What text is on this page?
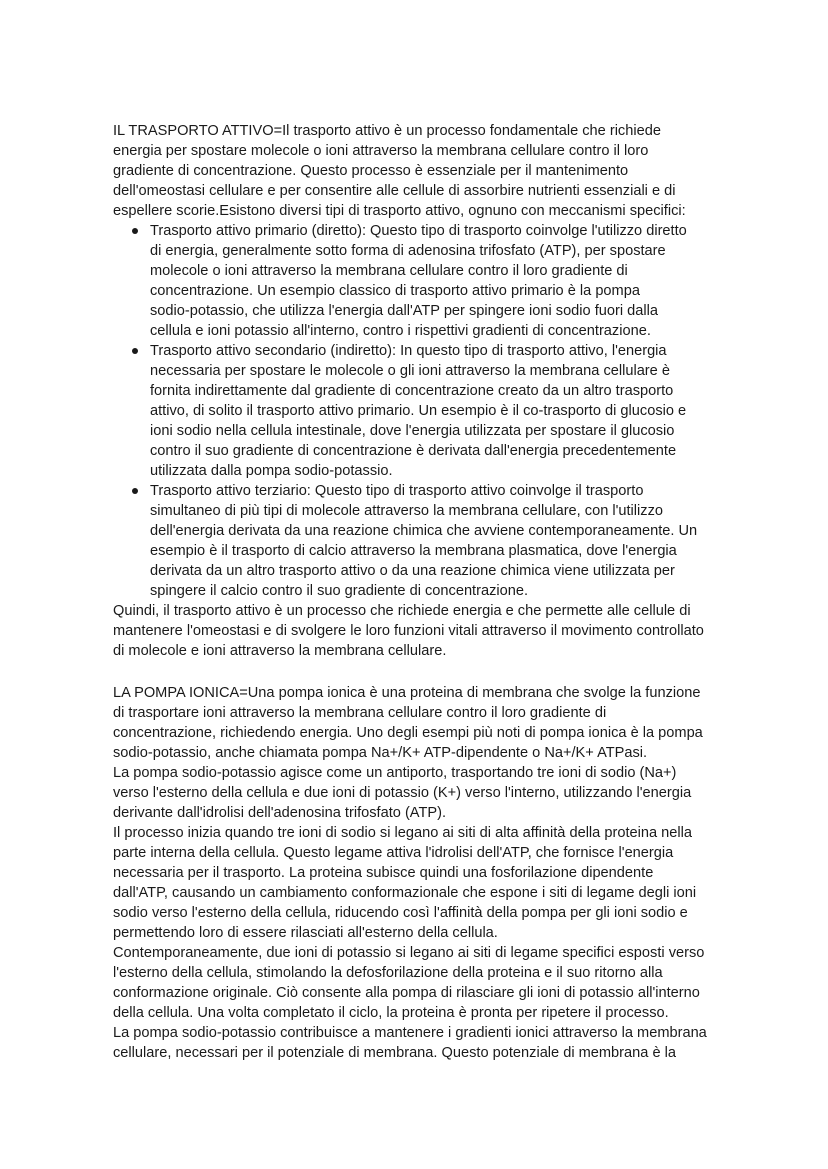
IL TRASPORTO ATTIVO=Il trasporto attivo è un processo fondamentale che richiede
energia per spostare molecole o ioni attraverso la membrana cellulare contro il loro
gradiente di concentrazione. Questo processo è essenziale per il mantenimento
dell'omeostasi cellulare e per consentire alle cellule di assorbire nutrienti essenziali e di
espellere scorie.Esistono diversi tipi di trasporto attivo, ognuno con meccanismi specifici:
Trasporto attivo primario (diretto): Questo tipo di trasporto coinvolge l'utilizzo diretto
di energia, generalmente sotto forma di adenosina trifosfato (ATP), per spostare
molecole o ioni attraverso la membrana cellulare contro il loro gradiente di
concentrazione. Un esempio classico di trasporto attivo primario è la pompa
sodio-potassio, che utilizza l'energia dall'ATP per spingere ioni sodio fuori dalla
cellula e ioni potassio all'interno, contro i rispettivi gradienti di concentrazione.
Trasporto attivo secondario (indiretto): In questo tipo di trasporto attivo, l'energia
necessaria per spostare le molecole o gli ioni attraverso la membrana cellulare è
fornita indirettamente dal gradiente di concentrazione creato da un altro trasporto
attivo, di solito il trasporto attivo primario. Un esempio è il co-trasporto di glucosio e
ioni sodio nella cellula intestinale, dove l'energia utilizzata per spostare il glucosio
contro il suo gradiente di concentrazione è derivata dall'energia precedentemente
utilizzata dalla pompa sodio-potassio.
Trasporto attivo terziario: Questo tipo di trasporto attivo coinvolge il trasporto
simultaneo di più tipi di molecole attraverso la membrana cellulare, con l'utilizzo
dell'energia derivata da una reazione chimica che avviene contemporaneamente. Un
esempio è il trasporto di calcio attraverso la membrana plasmatica, dove l'energia
derivata da un altro trasporto attivo o da una reazione chimica viene utilizzata per
spingere il calcio contro il suo gradiente di concentrazione.
Quindi, il trasporto attivo è un processo che richiede energia e che permette alle cellule di
mantenere l'omeostasi e di svolgere le loro funzioni vitali attraverso il movimento controllato
di molecole e ioni attraverso la membrana cellulare.
LA POMPA IONICA=Una pompa ionica è una proteina di membrana che svolge la funzione
di trasportare ioni attraverso la membrana cellulare contro il loro gradiente di
concentrazione, richiedendo energia. Uno degli esempi più noti di pompa ionica è la pompa
sodio-potassio, anche chiamata pompa Na+/K+ ATP-dipendente o Na+/K+ ATPasi.
La pompa sodio-potassio agisce come un antiporto, trasportando tre ioni di sodio (Na+)
verso l'esterno della cellula e due ioni di potassio (K+) verso l'interno, utilizzando l'energia
derivante dall'idrolisi dell'adenosina trifosfato (ATP).
Il processo inizia quando tre ioni di sodio si legano ai siti di alta affinità della proteina nella
parte interna della cellula. Questo legame attiva l'idrolisi dell'ATP, che fornisce l'energia
necessaria per il trasporto. La proteina subisce quindi una fosforilazione dipendente
dall'ATP, causando un cambiamento conformazionale che espone i siti di legame degli ioni
sodio verso l'esterno della cellula, riducendo così l'affinità della pompa per gli ioni sodio e
permettendo loro di essere rilasciati all'esterno della cellula.
Contemporaneamente, due ioni di potassio si legano ai siti di legame specifici esposti verso
l'esterno della cellula, stimolando la defosforilazione della proteina e il suo ritorno alla
conformazione originale. Ciò consente alla pompa di rilasciare gli ioni di potassio all'interno
della cellula. Una volta completato il ciclo, la proteina è pronta per ripetere il processo.
La pompa sodio-potassio contribuisce a mantenere i gradienti ionici attraverso la membrana
cellulare, necessari per il potenziale di membrana. Questo potenziale di membrana è la
